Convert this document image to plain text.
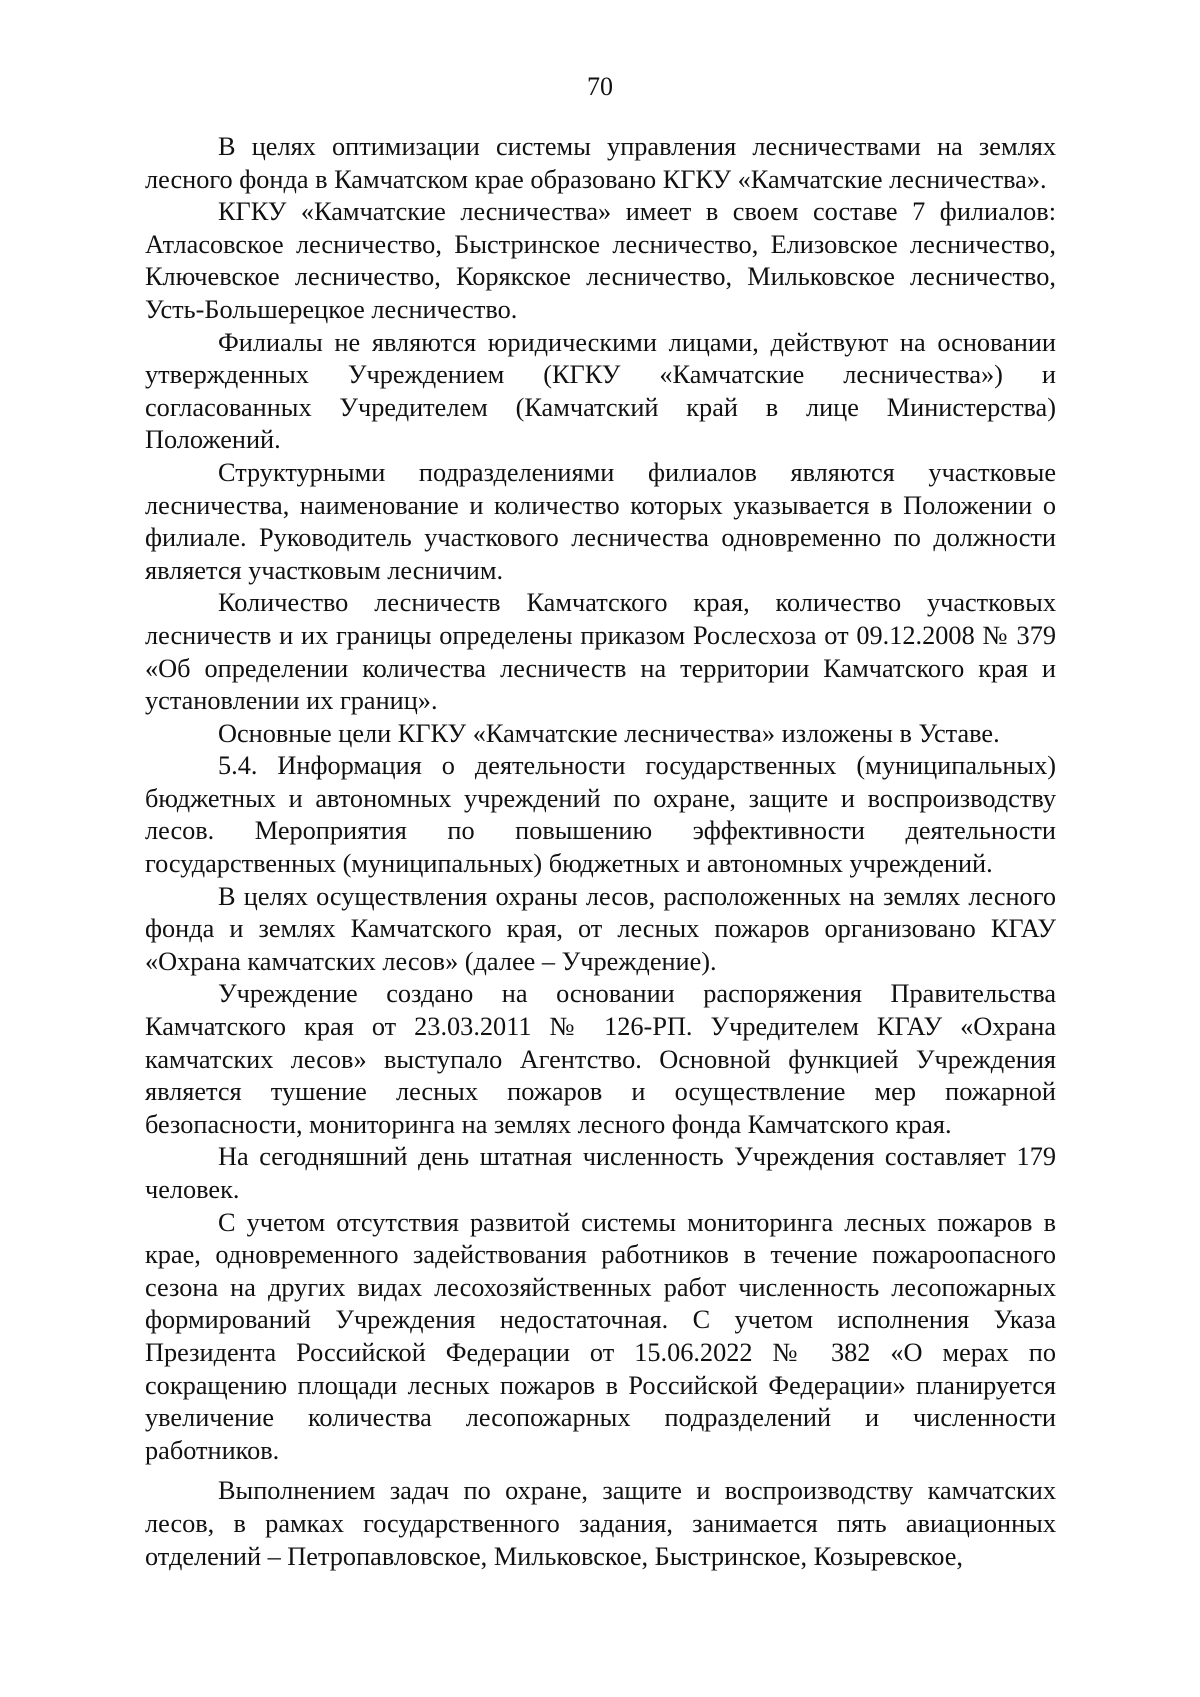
70

В целях оптимизации системы управления лесничествами на землях лесного фонда в Камчатском крае образовано КГКУ «Камчатские лесничества».

КГКУ «Камчатские лесничества» имеет в своем составе 7 филиалов: Атласовское лесничество, Быстринское лесничество, Елизовское лесничество, Ключевское лесничество, Корякское лесничество, Мильковское лесничество, Усть-Большерецкое лесничество.

Филиалы не являются юридическими лицами, действуют на основании утвержденных Учреждением (КГКУ «Камчатские лесничества») и согласованных Учредителем (Камчатский край в лице Министерства) Положений.

Структурными подразделениями филиалов являются участковые лесничества, наименование и количество которых указывается в Положении о филиале. Руководитель участкового лесничества одновременно по должности является участковым лесничим.

Количество лесничеств Камчатского края, количество участковых лесничеств и их границы определены приказом Рослесхоза от 09.12.2008 № 379 «Об определении количества лесничеств на территории Камчатского края и установлении их границ».

Основные цели КГКУ «Камчатские лесничества» изложены в Уставе.

5.4. Информация о деятельности государственных (муниципальных) бюджетных и автономных учреждений по охране, защите и воспроизводству лесов. Мероприятия по повышению эффективности деятельности государственных (муниципальных) бюджетных и автономных учреждений.

В целях осуществления охраны лесов, расположенных на землях лесного фонда и землях Камчатского края, от лесных пожаров организовано КГАУ «Охрана камчатских лесов» (далее – Учреждение).

Учреждение создано на основании распоряжения Правительства Камчатского края от 23.03.2011 № 126-РП. Учредителем КГАУ «Охрана камчатских лесов» выступало Агентство. Основной функцией Учреждения является тушение лесных пожаров и осуществление мер пожарной безопасности, мониторинга на землях лесного фонда Камчатского края.

На сегодняшний день штатная численность Учреждения составляет 179 человек.

С учетом отсутствия развитой системы мониторинга лесных пожаров в крае, одновременного задействования работников в течение пожароопасного сезона на других видах лесохозяйственных работ численность лесопожарных формирований Учреждения недостаточная. С учетом исполнения Указа Президента Российской Федерации от 15.06.2022 № 382 «О мерах по сокращению площади лесных пожаров в Российской Федерации» планируется увеличение количества лесопожарных подразделений и численности работников.

Выполнением задач по охране, защите и воспроизводству камчатских лесов, в рамках государственного задания, занимается пять авиационных отделений – Петропавловское, Мильковское, Быстринское, Козыревское,
